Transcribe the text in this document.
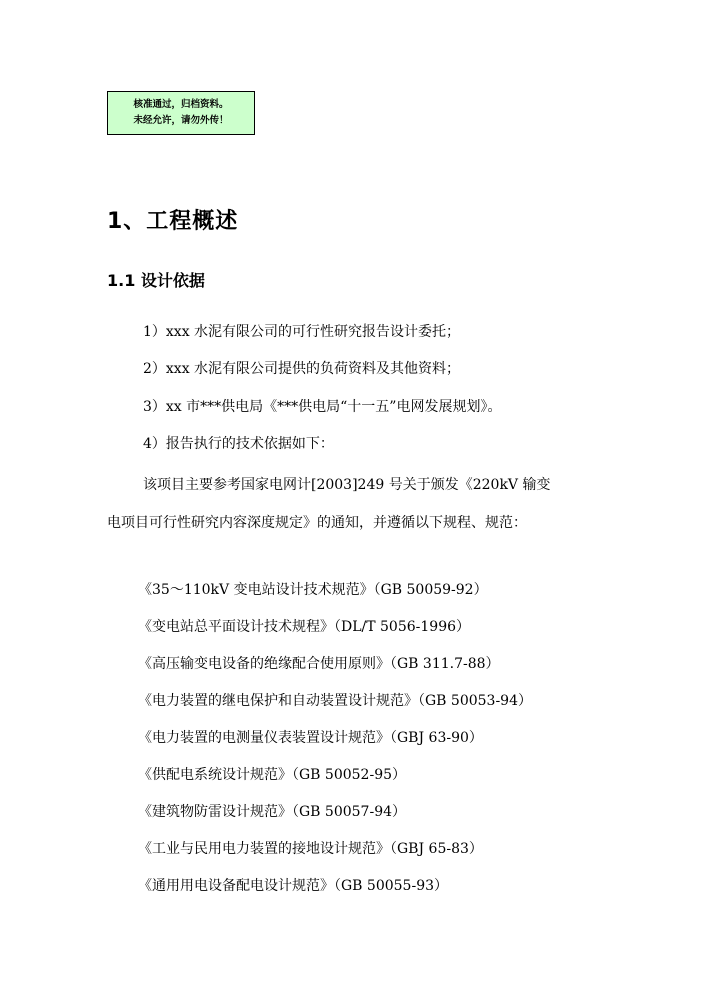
核准通过，归档资料。
未经允许，请勿外传！
1、工程概述
1.1 设计依据
1）xxx 水泥有限公司的可行性研究报告设计委托；
2）xxx 水泥有限公司提供的负荷资料及其他资料；
3）xx 市***供电局《***供电局“十一五”电网发展规划》。
4）报告执行的技术依据如下：
该项目主要参考国家电网计[2003]249 号关于颁发《220kV 输变
电项目可行性研究内容深度规定》的通知，并遵循以下规程、规范：
《35～110kV 变电站设计技术规范》（GB 50059-92）
《变电站总平面设计技术规程》（DL/T 5056-1996）
《高压输变电设备的绝缘配合使用原则》（GB 311.7-88）
《电力装置的继电保护和自动装置设计规范》（GB 50053-94）
《电力装置的电测量仪表装置设计规范》（GBJ 63-90）
《供配电系统设计规范》（GB 50052-95）
《建筑物防雷设计规范》（GB 50057-94）
《工业与民用电力装置的接地设计规范》（GBJ 65-83）
《通用用电设备配电设计规范》（GB 50055-93）
